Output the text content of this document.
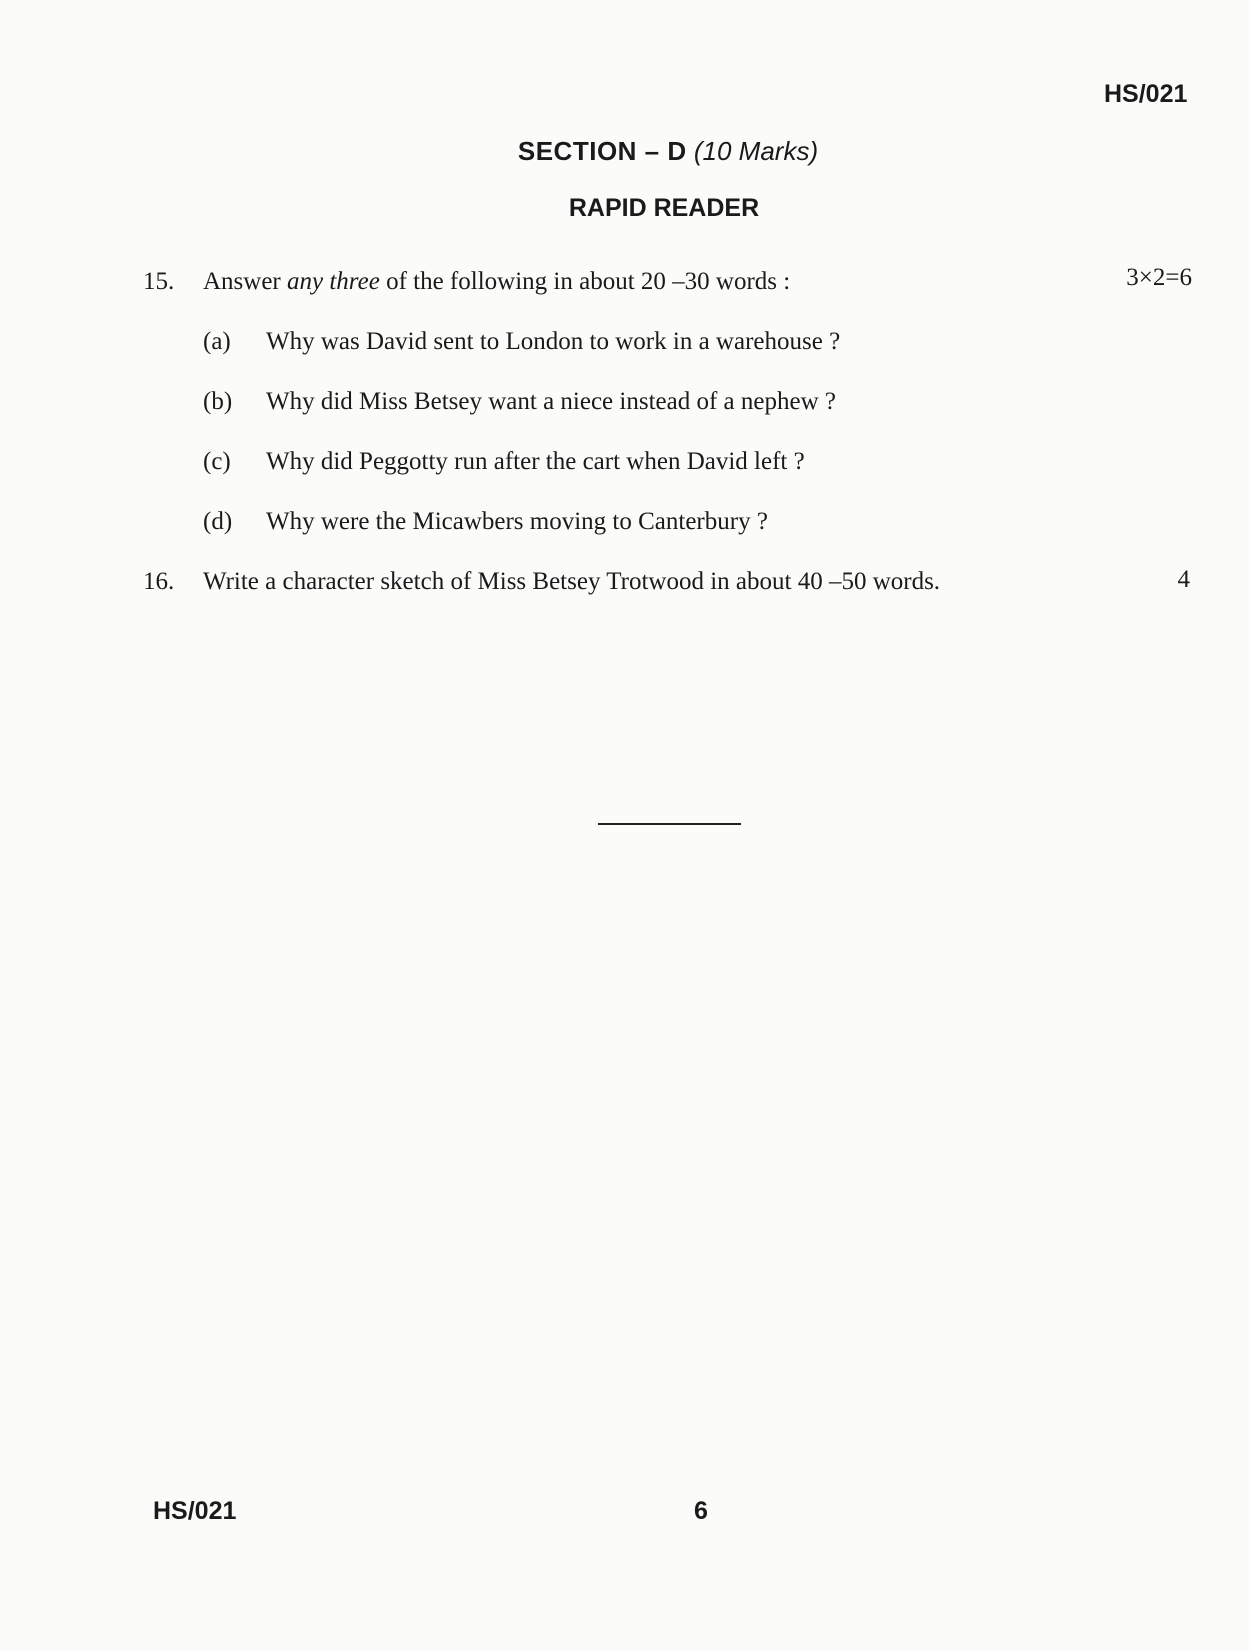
HS/021
SECTION – D (10 Marks)
RAPID READER
15. Answer any three of the following in about 20 –30 words :	3×2=6
(a) Why was David sent to London to work in a warehouse ?
(b) Why did Miss Betsey want a niece instead of a nephew ?
(c) Why did Peggotty run after the cart when David left ?
(d) Why were the Micawbers moving to Canterbury ?
16. Write a character sketch of Miss Betsey Trotwood in about 40 –50 words.	4
HS/021	6
